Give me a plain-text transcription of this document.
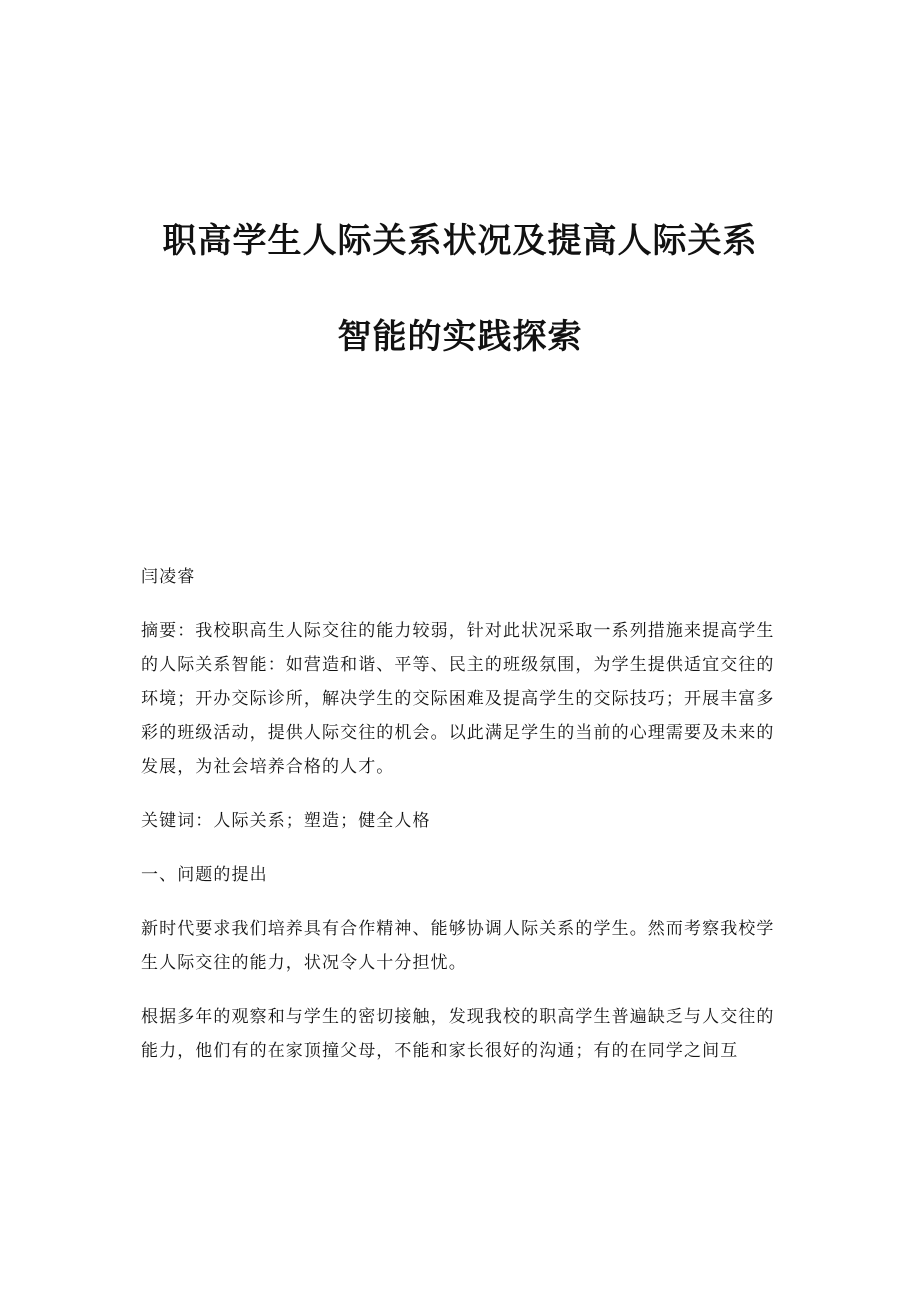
职高学生人际关系状况及提高人际关系
智能的实践探索

闫凌睿

摘要：我校职高生人际交往的能力较弱，针对此状况采取一系列措施来提高学生的人际关系智能：如营造和谐、平等、民主的班级氛围，为学生提供适宜交往的环境；开办交际诊所，解决学生的交际困难及提高学生的交际技巧；开展丰富多彩的班级活动，提供人际交往的机会。以此满足学生的当前的心理需要及未来的发展，为社会培养合格的人才。

关键词：人际关系；塑造；健全人格

一、问题的提出

新时代要求我们培养具有合作精神、能够协调人际关系的学生。然而考察我校学生人际交往的能力，状况令人十分担忧。

根据多年的观察和与学生的密切接触，发现我校的职高学生普遍缺乏与人交往的能力，他们有的在家顶撞父母，不能和家长很好的沟通；有的在同学之间互
